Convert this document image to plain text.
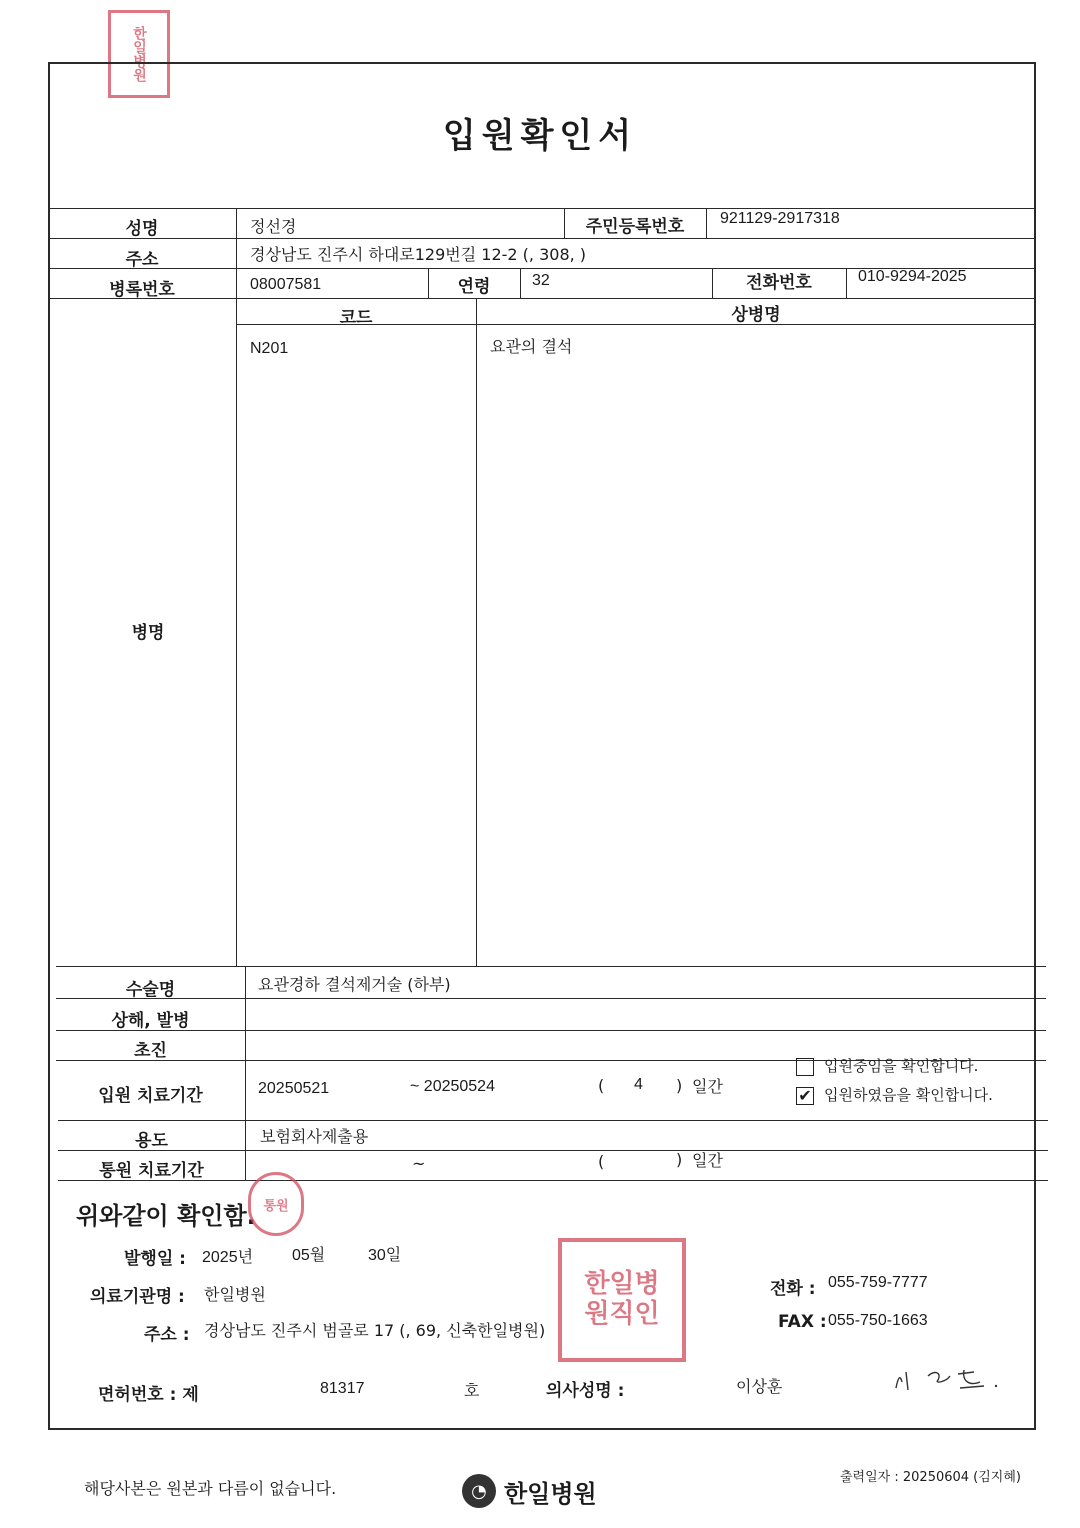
한일병원
입원확인서
성명	정선경	주민등록번호	921129-2917318
주소	경상남도 진주시 하대로129번길 12-2 (, 308, )
병록번호	08007581	연령	32	전화번호	010-9294-2025
병명
코드	상병명
N201	요관의 결석
수술명	요관경하 결석제거술 (하부)
상해, 발병
초진
입원 치료기간	20250521	~ 20250524	( 4 ) 일간
입원중임을 확인합니다.
✔ 입원하였음을 확인합니다.
용도	보험회사제출용
통원 치료기간	~	(	) 일간
위와같이 확인함. 통원
발행일 : 2025년 05월	30일
의료기관명 : 한일병원
주소 : 경상남도 진주시 범골로 17 (, 69, 신축한일병원)
한일병원직인
전화 : 055-759-7777
FAX : 055-750-1663
면허번호 : 제	81317	호	의사성명 :	이상훈
해당사본은 원본과 다름이 없습니다.	◔ 한일병원
출력일자 : 20250604 (김지혜)
